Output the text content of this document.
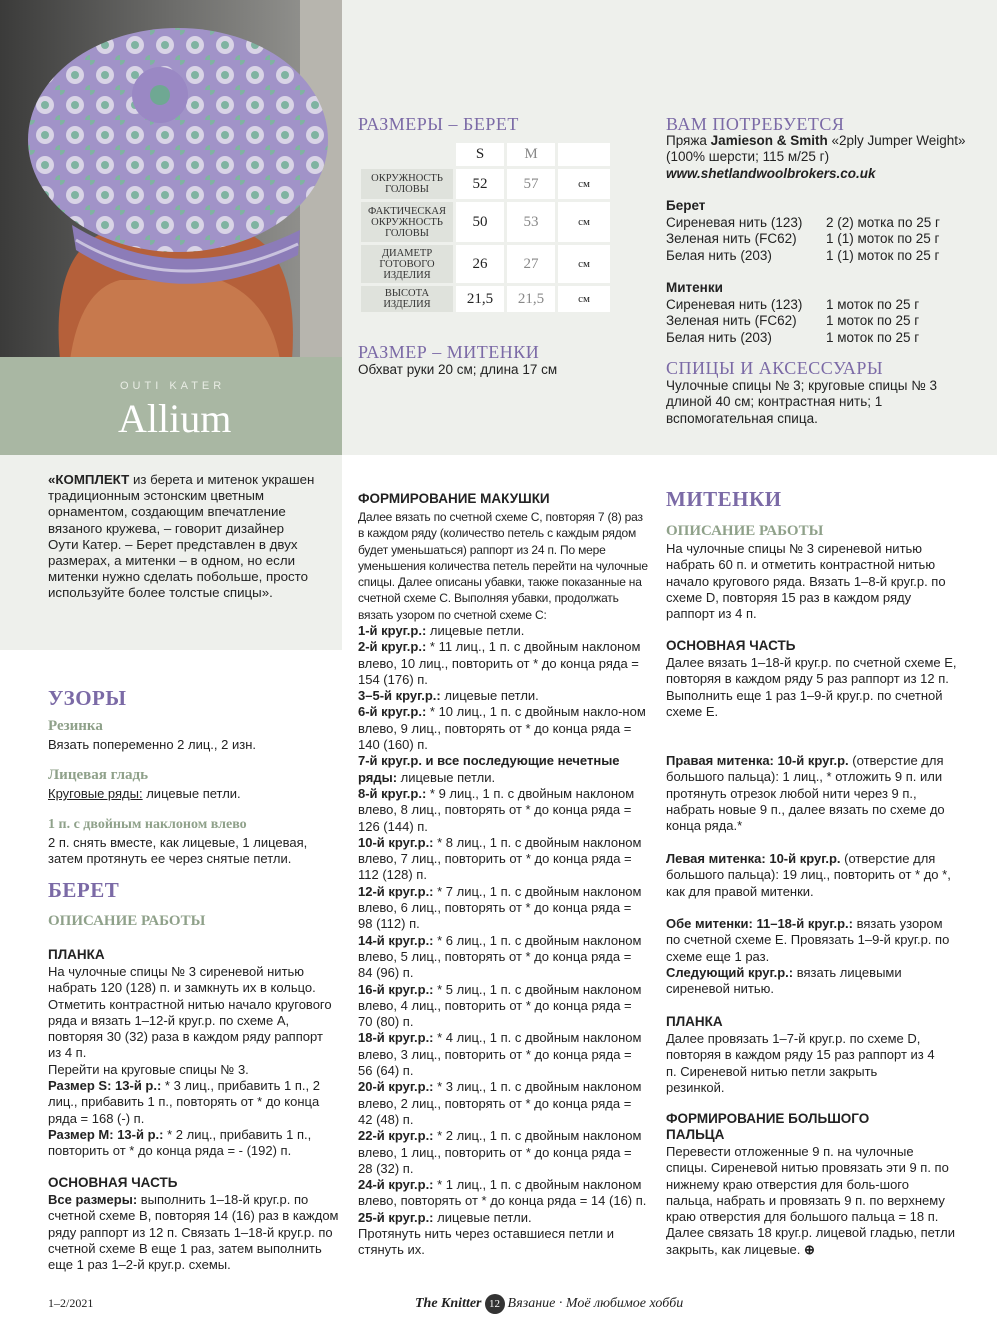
OUTI KATER
Allium
«КОМПЛЕКТ из берета и митенок украшен традиционным эстонским цветным орнаментом, создающим впечатление вязаного кружева, – говорит дизайнер Оути Катер. – Берет представлен в двух размерах, а митенки – в одном, но если митенки нужно сделать побольше, просто используйте более толстые спицы».
РАЗМЕРЫ – БЕРЕТ
	S	M	
ОКРУЖНОСТЬ ГОЛОВЫ	52	57	см
ФАКТИЧЕСКАЯ ОКРУЖНОСТЬ ГОЛОВЫ	50	53	см
ДИАМЕТР ГОТОВОГО ИЗДЕЛИЯ	26	27	см
ВЫСОТА ИЗДЕЛИЯ	21,5	21,5	см
РАЗМЕР – МИТЕНКИ
Обхват руки 20 см; длина 17 см
ВАМ ПОТРЕБУЕТСЯ
Пряжа Jamieson & Smith «2ply Jumper Weight» (100% шерсти; 115 м/25 г)
www.shetlandwoolbrokers.co.uk
Берет
Сиреневая нить (123) 2 (2) мотка по 25 г
Зеленая нить (FC62) 1 (1) моток по 25 г
Белая нить (203)	1 (1) моток по 25 г
Митенки
Сиреневая нить (123) 1 моток по 25 г
Зеленая нить (FC62) 1 моток по 25 г
Белая нить (203)	1 моток по 25 г
СПИЦЫ И АКСЕССУАРЫ
Чулочные спицы № 3; круговые спицы № 3 длиной 40 см; контрастная нить; 1 вспомогательная спица.
УЗОРЫ
Резинка
Вязать попеременно 2 лиц., 2 изн.
Лицевая гладь
Круговые ряды: лицевые петли.
1 п. с двойным наклоном влево
2 п. снять вместе, как лицевые, 1 лицевая, затем протянуть ее через снятые петли.
БЕРЕТ
ОПИСАНИЕ РАБОТЫ
ПЛАНКА
На чулочные спицы № 3 сиреневой нитью набрать 120 (128) п. и замкнуть их в кольцо. Отметить контрастной нитью начало кругового ряда и вязать 1–12-й круг.р. по схеме А, повторяя 30 (32) раза в каждом ряду раппорт из 4 п.
Перейти на круговые спицы № 3.
Размер S: 13-й р.: * 3 лиц., прибавить 1 п., 2 лиц., прибавить 1 п., повторять от * до конца ряда = 168 (-) п.
Размер М: 13-й р.: * 2 лиц., прибавить 1 п., повторить от * до конца ряда = - (192) п.
ОСНОВНАЯ ЧАСТЬ
Все размеры: выполнить 1–18-й круг.р. по счетной схеме B, повторяя 14 (16) раз в каждом ряду раппорт из 12 п. Связать 1–18-й круг.р. по счетной схеме B еще 1 раз, затем выполнить еще 1 раз 1–2-й круг.р. схемы.
ФОРМИРОВАНИЕ МАКУШКИ
Далее вязать по счетной схеме С, повторяя 7 (8) раз в каждом ряду (количество петель с каждым рядом будет уменьшаться) раппорт из 24 п. По мере уменьшения количества петель перейти на чулочные спицы. Далее описаны убавки, также показанные на счетной схеме С. Выполняя убавки, продолжать вязать узором по счетной схеме С:
1-й круг.р.: лицевые петли.
2-й круг.р.: * 11 лиц., 1 п. с двойным наклоном влево, 10 лиц., повторить от * до конца ряда = 154 (176) п.
3–5-й круг.р.: лицевые петли.
6-й круг.р.: * 10 лиц., 1 п. с двойным накло-ном влево, 9 лиц., повторять от * до конца ряда = 140 (160) п.
7-й круг.р. и все последующие нечетные ряды: лицевые петли.
8-й круг.р.: * 9 лиц., 1 п. с двойным наклоном влево, 8 лиц., повторять от * до конца ряда = 126 (144) п.
10-й круг.р.: * 8 лиц., 1 п. с двойным наклоном влево, 7 лиц., повторить от * до конца ряда = 112 (128) п.
12-й круг.р.: * 7 лиц., 1 п. с двойным наклоном влево, 6 лиц., повторять от * до конца ряда = 98 (112) п.
14-й круг.р.: * 6 лиц., 1 п. с двойным наклоном влево, 5 лиц., повторять от * до конца ряда = 84 (96) п.
16-й круг.р.: * 5 лиц., 1 п. с двойным наклоном влево, 4 лиц., повторить от * до конца ряда = 70 (80) п.
18-й круг.р.: * 4 лиц., 1 п. с двойным наклоном влево, 3 лиц., повторить от * до конца ряда = 56 (64) п.
20-й круг.р.: * 3 лиц., 1 п. с двойным наклоном влево, 2 лиц., повторять от * до конца ряда = 42 (48) п.
22-й круг.р.: * 2 лиц., 1 п. с двойным наклоном влево, 1 лиц., повторить от * до конца ряда = 28 (32) п.
24-й круг.р.: * 1 лиц., 1 п. с двойным наклоном влево, повторять от * до конца ряда = 14 (16) п.
25-й круг.р.: лицевые петли.
Протянуть нить через оставшиеся петли и стянуть их.
МИТЕНКИ
ОПИСАНИЕ РАБОТЫ
На чулочные спицы № 3 сиреневой нитью набрать 60 п. и отметить контрастной нитью начало кругового ряда. Вязать 1–8-й круг.р. по схеме D, повторяя 15 раз в каждом ряду раппорт из 4 п.
ОСНОВНАЯ ЧАСТЬ
Далее вязать 1–18-й круг.р. по счетной схеме E, повторяя в каждом ряду 5 раз раппорт из 12 п.
Выполнить еще 1 раз 1–9-й круг.р. по счетной схеме E.
Правая митенка: 10-й круг.р. (отверстие для большого пальца): 1 лиц., * отложить 9 п. или протянуть отрезок любой нити через 9 п., набрать новые 9 п., далее вязать по схеме до конца ряда.*
Левая митенка: 10-й круг.р. (отверстие для большого пальца): 19 лиц., повторить от * до *, как для правой митенки.
Обе митенки: 11–18-й круг.р.: вязать узором по счетной схеме E. Провязать 1–9-й круг.р. по схеме еще 1 раз.
Следующий круг.р.: вязать лицевыми сиреневой нитью.
ПЛАНКА
Далее провязать 1–7-й круг.р. по схеме D, повторяя в каждом ряду 15 раз раппорт из 4 п. Сиреневой нитью петли закрыть резинкой.
ФОРМИРОВАНИЕ БОЛЬШОГО ПАЛЬЦА
Перевести отложенные 9 п. на чулочные спицы. Сиреневой нитью провязать эти 9 п. по нижнему краю отверстия для боль-шого пальца, набрать и провязать 9 п. по верхнему краю отверстия для большого пальца = 18 п. Далее связать 18 круг.р. лицевой гладью, петли закрыть, как лицевые. ⊕
1–2/2021	The Knitter 12 Вязание · Моё любимое хобби
